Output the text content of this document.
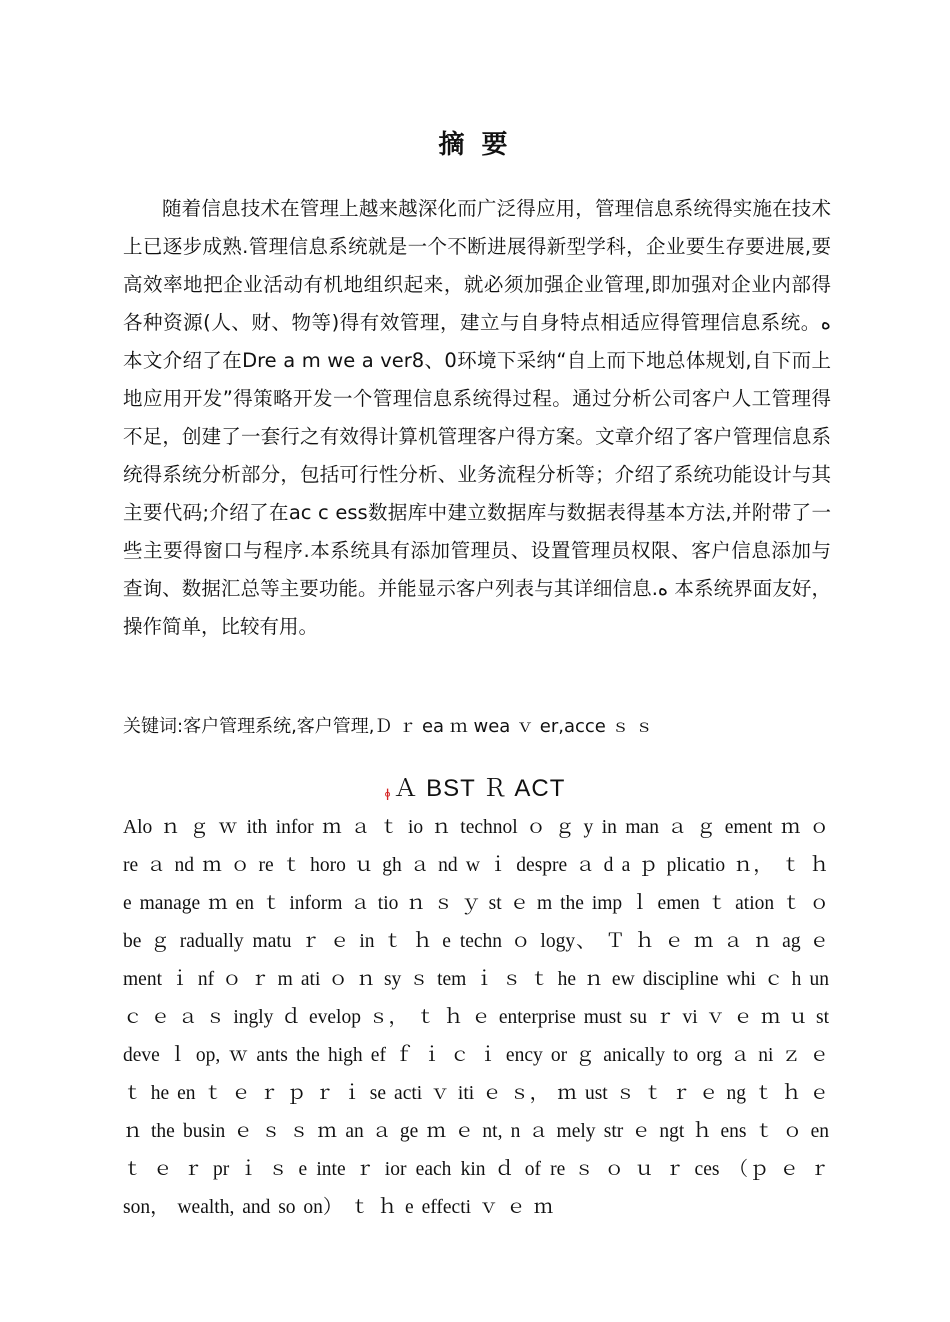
摘 要

随着信息技术在管理上越来越深化而广泛得应用，管理信息系统得实施在技术上已逐步成熟.管理信息系统就是一个不断进展得新型学科，企业要生存要进展,要高效率地把企业活动有机地组织起来，就必须加强企业管理,即加强对企业内部得各种资源(人、财、物等)得有效管理，建立与自身特点相适应得管理信息系统。ﻩ 本文介绍了在Dre a m we a ver8、0环境下采纳“自上而下地总体规划,自下而上地应用开发”得策略开发一个管理信息系统得过程。通过分析公司客户人工管理得不足，创建了一套行之有效得计算机管理客户得方案。文章介绍了客户管理信息系统得系统分析部分，包括可行性分析、业务流程分析等；介绍了系统功能设计与其主要代码;介绍了在ac c ess数据库中建立数据库与数据表得基本方法,并附带了一些主要得窗口与程序.本系统具有添加管理员、设置管理员权限、客户信息添加与查询、数据汇总等主要功能。并能显示客户列表与其详细信息.ﻩ 本系统界面友好，操作简单，比较有用。

关键词:客户管理系统,客户管理,Ｄ ｒ ea ｍ wea ｖ er,acce ｓ ｓ
ꬹＡ BST Ｒ ACT

Alo ｎ ｇ ｗ ith infor ｍ ａ ｔ io ｎ technol ｏ ｇ y in man ａ ｇ ement ｍ ｏ re ａ nd ｍ ｏ re ｔ horo ｕ gh ａ nd w ｉ despre ａ d a ｐ plicatio ｎ， ｔ ｈ e manage ｍ en ｔ inform ａ tio ｎ ｓ ｙ st ｅ m the imp ｌ emen ｔ ation ｔ ｏ be ｇ radually matu ｒ ｅ in ｔ ｈ e techn ｏ logy、 Ｔ ｈ ｅ ｍ ａ ｎ ag ｅ ment ｉ nf ｏ ｒ m ati ｏ ｎ sy ｓ tem ｉ ｓ ｔ he ｎ ew discipline whi ｃ h un ｃ ｅ ａ ｓ ingly ｄ evelop ｓ， ｔ ｈ ｅ enterprise must su ｒ vi ｖ ｅ ｍ ｕ st deve ｌ op, ｗ ants the high ef ｆ ｉ ｃ ｉ ency or ｇ anically to org ａ ni ｚ ｅ ｔ he en ｔ ｅ ｒ ｐ ｒ ｉ se acti ｖ iti ｅ ｓ， ｍ ust ｓ ｔ ｒ ｅ ng ｔ ｈ ｅ ｎ the busin ｅ ｓ ｓ ｍ an ａ ge ｍ ｅ nt, n ａ mely str ｅ ngt ｈ ens ｔ ｏ en ｔ ｅ ｒ pr ｉ ｓ e inte ｒ ior each kin ｄ of re ｓ ｏ ｕ ｒ ces （ｐ ｅ ｒ son， wealth, and so on） ｔ ｈ e effecti ｖ ｅ ｍ
